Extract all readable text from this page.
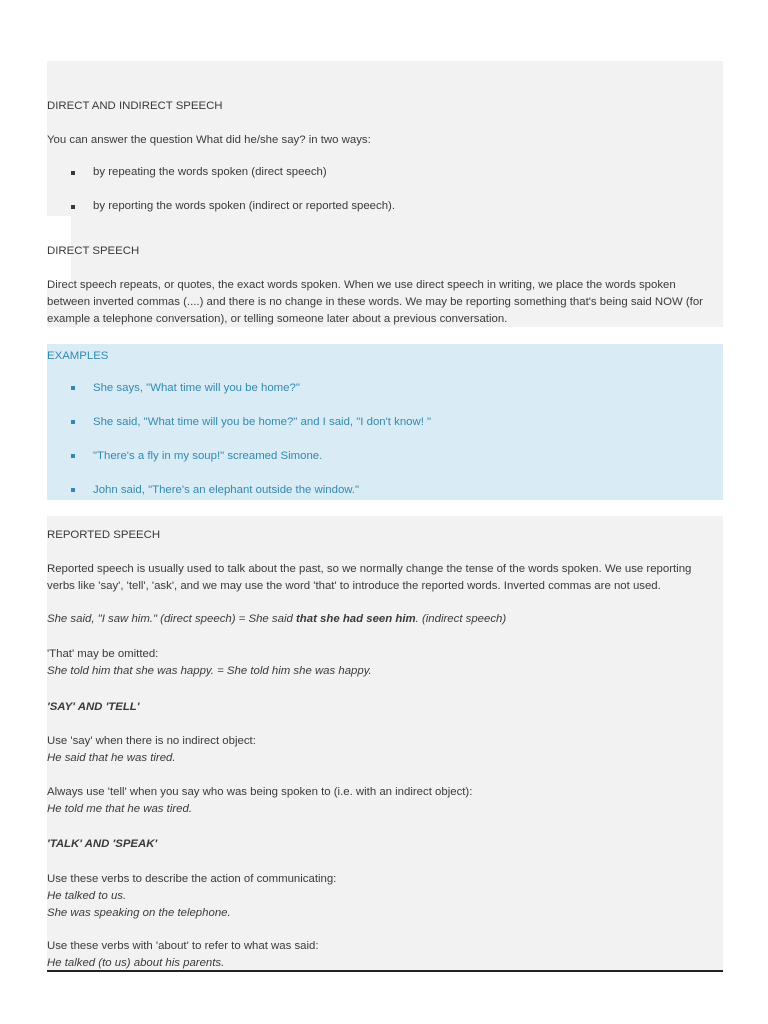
DIRECT AND INDIRECT SPEECH
You can answer the question What did he/she say? in two ways:
by repeating the words spoken (direct speech)
by reporting the words spoken (indirect or reported speech).
DIRECT SPEECH
Direct speech repeats, or quotes, the exact words spoken. When we use direct speech in writing, we place the words spoken
between inverted commas (....) and there is no change in these words. We may be reporting something that's being said NOW (for
example a telephone conversation), or telling someone later about a previous conversation.
EXAMPLES
She says, "What time will you be home?"
She said, "What time will you be home?" and I said, "I don't know! "
"There's a fly in my soup!" screamed Simone.
John said, "There's an elephant outside the window."
REPORTED SPEECH
Reported speech is usually used to talk about the past, so we normally change the tense of the words spoken. We use reporting
verbs like 'say', 'tell', 'ask', and we may use the word 'that' to introduce the reported words. Inverted commas are not used.
She said, "I saw him." (direct speech) = She said that she had seen him. (indirect speech)
'That' may be omitted:
She told him that she was happy. = She told him she was happy.
'SAY' AND 'TELL'
Use 'say' when there is no indirect object:
He said that he was tired.
Always use 'tell' when you say who was being spoken to (i.e. with an indirect object):
He told me that he was tired.
'TALK' AND 'SPEAK'
Use these verbs to describe the action of communicating:
He talked to us.
She was speaking on the telephone.
Use these verbs with 'about' to refer to what was said:
He talked (to us) about his parents.
